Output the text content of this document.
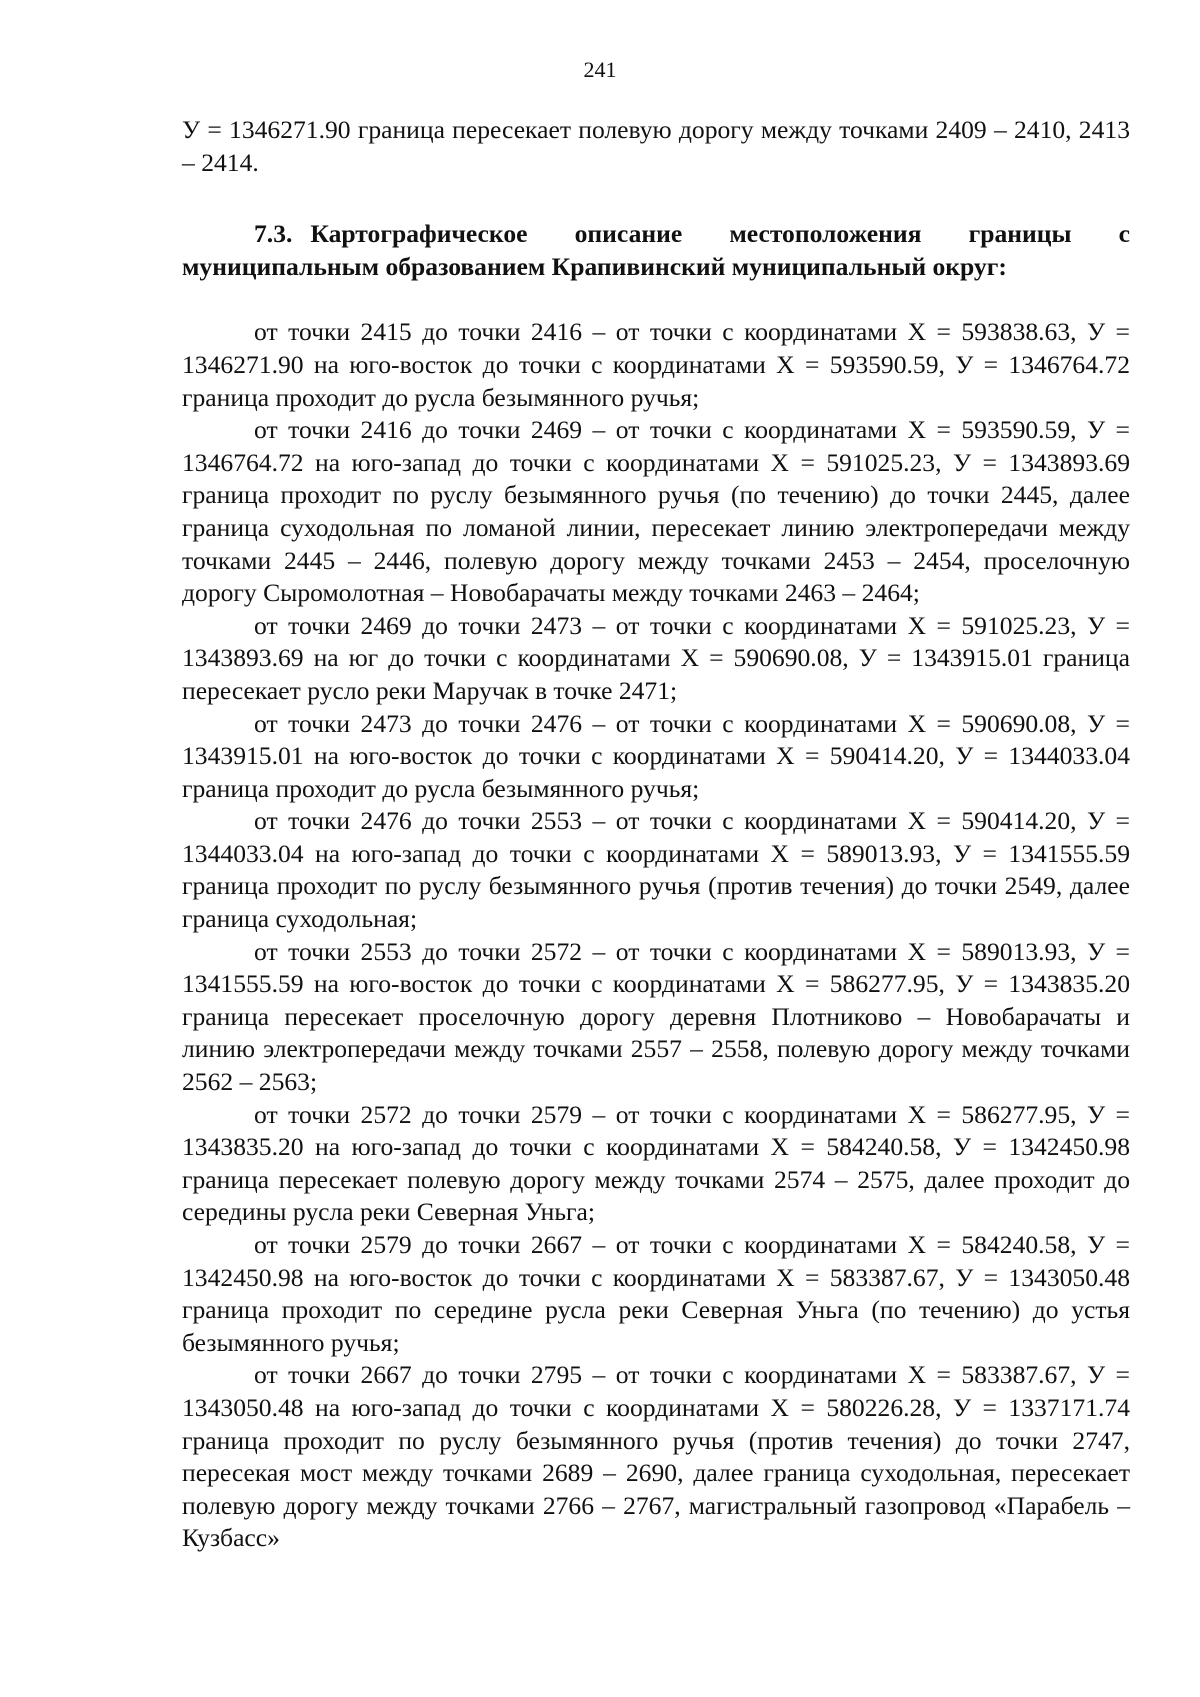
241

У = 1346271.90 граница пересекает полевую дорогу между точками 2409 – 2410, 2413 – 2414.

7.3. Картографическое описание местоположения границы с муниципальным образованием Крапивинский муниципальный округ:

от точки 2415 до точки 2416 – от точки с координатами Х = 593838.63, У = 1346271.90 на юго-восток до точки с координатами Х = 593590.59, У = 1346764.72 граница проходит до русла безымянного ручья;

от точки 2416 до точки 2469 – от точки с координатами Х = 593590.59, У = 1346764.72 на юго-запад до точки с координатами Х = 591025.23, У = 1343893.69 граница проходит по руслу безымянного ручья (по течению) до точки 2445, далее граница суходольная по ломаной линии, пересекает линию электропередачи между точками 2445 – 2446, полевую дорогу между точками 2453 – 2454, проселочную дорогу Сыромолотная – Новобарачаты между точками 2463 – 2464;

от точки 2469 до точки 2473 – от точки с координатами Х = 591025.23, У = 1343893.69 на юг до точки с координатами Х = 590690.08, У = 1343915.01 граница пересекает русло реки Маручак в точке 2471;

от точки 2473 до точки 2476 – от точки с координатами Х = 590690.08, У = 1343915.01 на юго-восток до точки с координатами Х = 590414.20, У = 1344033.04 граница проходит до русла безымянного ручья;

от точки 2476 до точки 2553 – от точки с координатами Х = 590414.20, У = 1344033.04 на юго-запад до точки с координатами Х = 589013.93, У = 1341555.59 граница проходит по руслу безымянного ручья (против течения) до точки 2549, далее граница суходольная;

от точки 2553 до точки 2572 – от точки с координатами Х = 589013.93, У = 1341555.59 на юго-восток до точки с координатами Х = 586277.95, У = 1343835.20 граница пересекает проселочную дорогу деревня Плотниково – Новобарачаты и линию электропередачи между точками 2557 – 2558, полевую дорогу между точками 2562 – 2563;

от точки 2572 до точки 2579 – от точки с координатами Х = 586277.95, У = 1343835.20 на юго-запад до точки с координатами Х = 584240.58, У = 1342450.98 граница пересекает полевую дорогу между точками 2574 – 2575, далее проходит до середины русла реки Северная Уньга;

от точки 2579 до точки 2667 – от точки с координатами Х = 584240.58, У = 1342450.98 на юго-восток до точки с координатами Х = 583387.67, У = 1343050.48 граница проходит по середине русла реки Северная Уньга (по течению) до устья безымянного ручья;

от точки 2667 до точки 2795 – от точки с координатами Х = 583387.67, У = 1343050.48 на юго-запад до точки с координатами Х = 580226.28, У = 1337171.74 граница проходит по руслу безымянного ручья (против течения) до точки 2747, пересекая мост между точками 2689 – 2690, далее граница суходольная, пересекает полевую дорогу между точками 2766 – 2767, магистральный газопровод «Парабель – Кузбасс»
